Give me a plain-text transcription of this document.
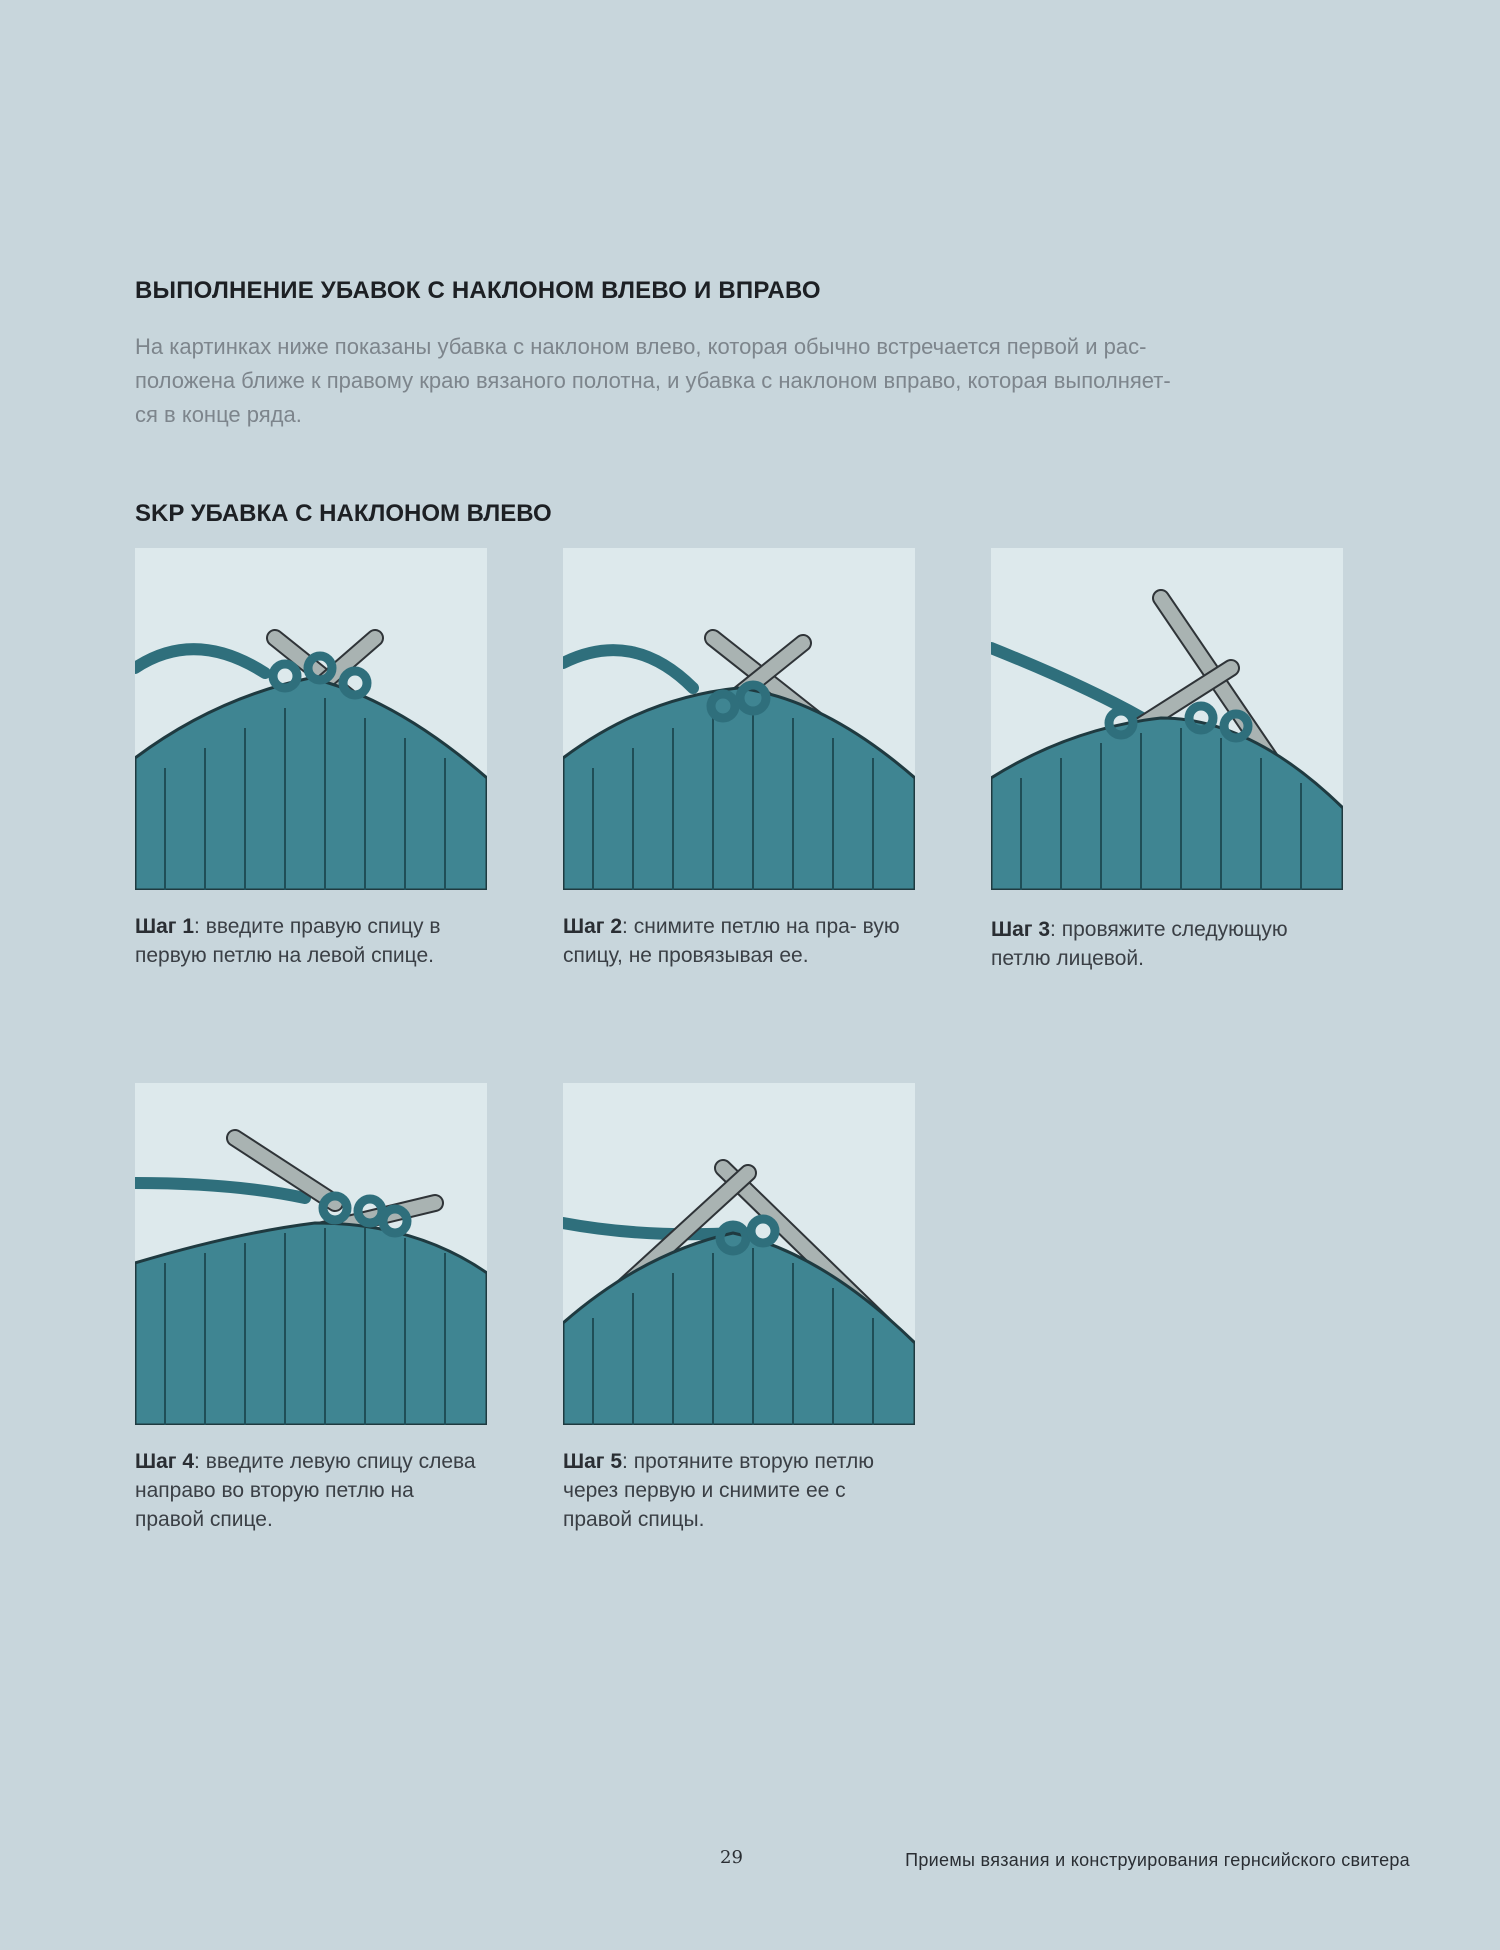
ВЫПОЛНЕНИЕ УБАВОК С НАКЛОНОМ ВЛЕВО И ВПРАВО

На картинках ниже показаны убавка с наклоном влево, которая обычно встречается первой и рас-
положена ближе к правому краю вязаного полотна, и убавка с наклоном вправо, которая выполняет-
ся в конце ряда.

SKP УБАВКА С НАКЛОНОМ ВЛЕВО
Шаг 1: введите правую спицу в первую петлю на левой спице.
Шаг 2: снимите петлю на пра- вую спицу, не провязывая ее.
Шаг 3: провяжите следующую петлю лицевой.
Шаг 4: введите левую спицу слева направо во вторую петлю на правой спице.
Шаг 5: протяните вторую петлю через первую и снимите ее с правой спицы.
29	Приемы вязания и конструирования гернсийского свитера
